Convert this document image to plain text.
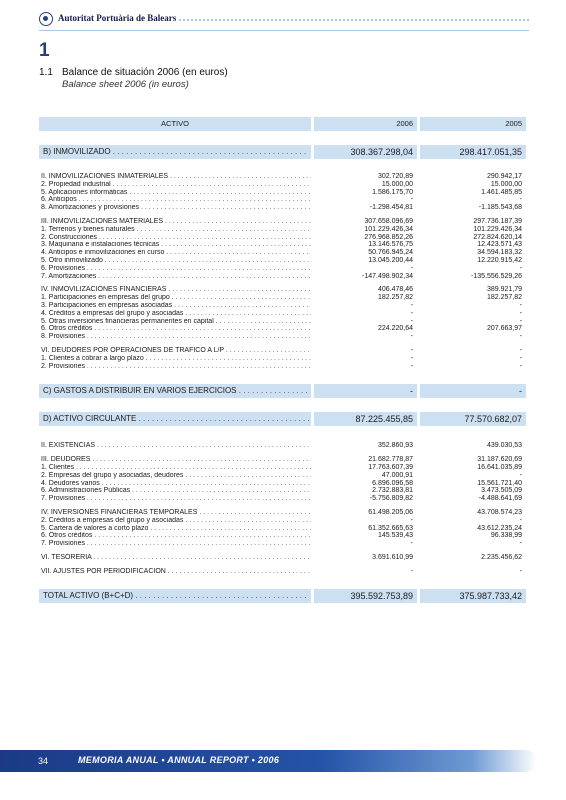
Autoritat Portuària de Balears
1
1.1 Balance de situación 2006 (en euros)
Balance sheet 2006 (in euros)
ACTIVO	2006	2005
B) INMOVILIZADO . . .	308.367.298,04	298.417.051,35
II. INMOVILIZACIONES INMATERIALES . . .	302.720,89	290.942,17
2. Propiedad industrial . . .	15.000,00	15.000,00
5. Aplicaciones informáticas . . .	1.586.175,70	1.461.485,85
6. Anticipos . . .	-	-
8. Amortizaciones y provisiones . . .	-1.298.454,81	-1.185.543,68
III. INMOVILIZACIONES MATERIALES . . .	307.658.096,69	297.736.187,39
1. Terrenos y bienes naturales . . .	101.229.426,34	101.229.426,34
2. Construcciones . . .	276.968.852,26	272.824.620,14
3. Maquinaria e instalaciones técnicas . . .	13.146.576,75	12.423.571,43
4. Anticipos e inmovilizaciones en curso . . .	50.766.945,24	34.594.183,32
5. Otro inmovilizado . . .	13.045.200,44	12.220.915,42
6. Provisiones . . .	-	-
7. Amortizaciones . . .	-147.498.902,34	-135.556.529,26
IV. INMOVILIZACIONES FINANCIERAS . . .	406.478,46	389.921,79
1. Participaciones en empresas del grupo . . .	182.257,82	182.257,82
3. Participaciones en empresas asociadas . . .	-	-
4. Créditos a empresas del grupo y asociadas . . .	-	-
5. Otras inversiones financieras permanentes en capital . . .	-	-
6. Otros créditos . . .	224.220,64	207.663,97
8. Provisiones . . .	-	-
VI. DEUDORES POR OPERACIONES DE TRAFICO A L/P . . .	-	-
1. Clientes a cobrar a largo plazo . . .	-	-
2. Provisiones . . .	-	-
C) GASTOS A DISTRIBUIR EN VARIOS EJERCICIOS . . .	-	-
D) ACTIVO CIRCULANTE . . .	87.225.455,85	77.570.682,07
II. EXISTENCIAS . . .	352.860,93	439.030,53
III. DEUDORES . . .	21.682.778,87	31.187.620,69
1. Clientes . . .	17.763.607,39	16.641.035,89
2. Empresas del grupo y asociadas, deudores . . .	47.000,91	-
4. Deudores varios . . .	6.896.096,58	15.561.721,40
6. Administraciones Públicas . . .	2.732.883,81	3.473.505,09
7. Provisiones . . .	-5.756.809,82	-4.488.641,69
IV. INVERSIONES FINANCIERAS TEMPORALES . . .	61.498.205,06	43.708.574,23
2. Créditos a empresas del grupo y asociadas . . .	-	-
5. Cartera de valores a corto plazo . . .	61.352.665,63	43.612.235,24
6. Otros créditos . . .	145.539,43	96.338,99
7. Provisiones . . .	-	-
VI. TESORERÍA . . .	3.691.610,99	2.235.456,62
VII. AJUSTES POR PERIODIFICACIÓN . . .	-	-
TOTAL ACTIVO (B+C+D) . . .	395.592.753,89	375.987.733,42
34	MEMORIA ANUAL • ANNUAL REPORT • 2006
